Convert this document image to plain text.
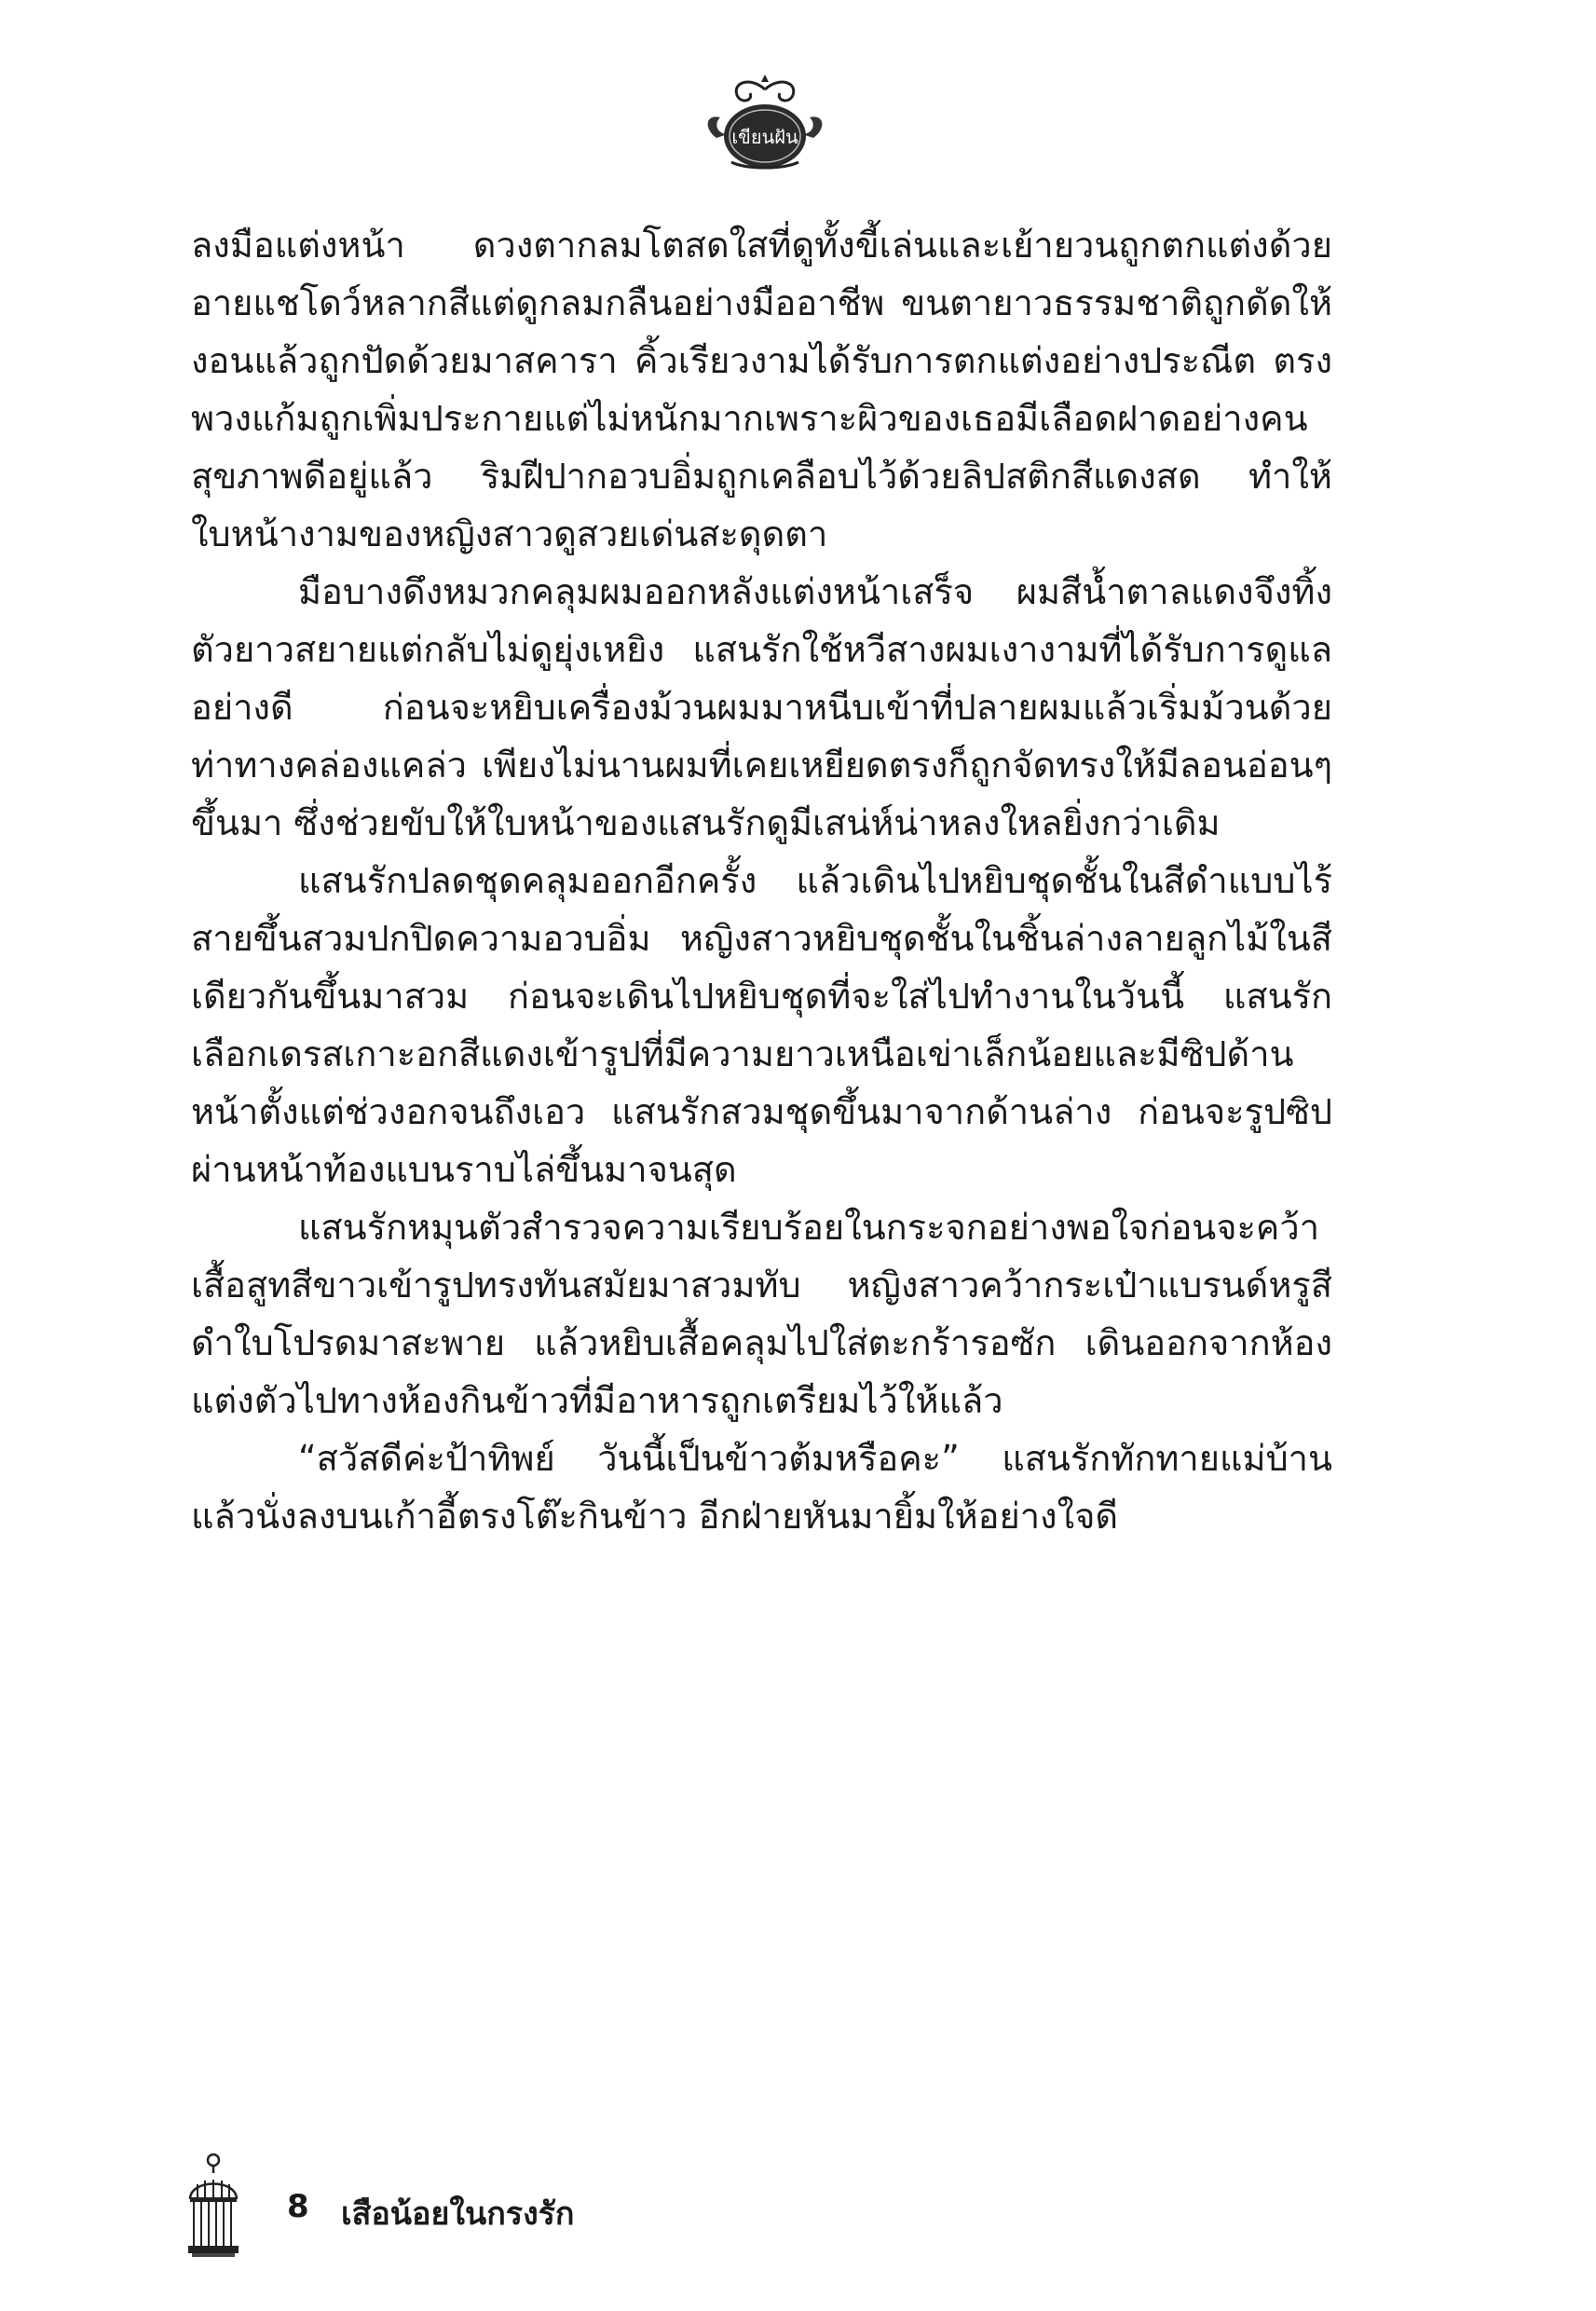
เขียนฝัน

ลงมือแต่งหน้า ดวงตากลมโตสดใสที่ดูทั้งขี้เล่นและเย้ายวนถูกตกแต่งด้วยอายแชโดว์หลากสีแต่ดูกลมกลืนอย่างมืออาชีพ ขนตายาวธรรมชาติถูกดัดให้งอนแล้วถูกปัดด้วยมาสคารา คิ้วเรียวงามได้รับการตกแต่งอย่างประณีต ตรงพวงแก้มถูกเพิ่มประกายแต่ไม่หนักมากเพราะผิวของเธอมีเลือดฝาดอย่างคนสุขภาพดีอยู่แล้ว ริมฝีปากอวบอิ่มถูกเคลือบไว้ด้วยลิปสติกสีแดงสด ทำให้ใบหน้างามของหญิงสาวดูสวยเด่นสะดุดตา

มือบางดึงหมวกคลุมผมออกหลังแต่งหน้าเสร็จ ผมสีน้ำตาลแดงจึงทิ้งตัวยาวสยายแต่กลับไม่ดูยุ่งเหยิง แสนรักใช้หวีสางผมเงางามที่ได้รับการดูแลอย่างดี ก่อนจะหยิบเครื่องม้วนผมมาหนีบเข้าที่ปลายผมแล้วเริ่มม้วนด้วยท่าทางคล่องแคล่ว เพียงไม่นานผมที่เคยเหยียดตรงก็ถูกจัดทรงให้มีลอนอ่อนๆ ขึ้นมา ซึ่งช่วยขับให้ใบหน้าของแสนรักดูมีเสน่ห์น่าหลงใหลยิ่งกว่าเดิม

แสนรักปลดชุดคลุมออกอีกครั้ง แล้วเดินไปหยิบชุดชั้นในสีดำแบบไร้สายขึ้นสวมปกปิดความอวบอิ่ม หญิงสาวหยิบชุดชั้นในชิ้นล่างลายลูกไม้ในสีเดียวกันขึ้นมาสวม ก่อนจะเดินไปหยิบชุดที่จะใส่ไปทำงานในวันนี้ แสนรักเลือกเดรสเกาะอกสีแดงเข้ารูปที่มีความยาวเหนือเข่าเล็กน้อยและมีซิปด้านหน้าตั้งแต่ช่วงอกจนถึงเอว แสนรักสวมชุดขึ้นมาจากด้านล่าง ก่อนจะรูปซิปผ่านหน้าท้องแบนราบไล่ขึ้นมาจนสุด

แสนรักหมุนตัวสำรวจความเรียบร้อยในกระจกอย่างพอใจก่อนจะคว้าเสื้อสูทสีขาวเข้ารูปทรงทันสมัยมาสวมทับ หญิงสาวคว้ากระเป๋าแบรนด์หรูสีดำใบโปรดมาสะพาย แล้วหยิบเสื้อคลุมไปใส่ตะกร้ารอซัก เดินออกจากห้องแต่งตัวไปทางห้องกินข้าวที่มีอาหารถูกเตรียมไว้ให้แล้ว

“สวัสดีค่ะป้าทิพย์ วันนี้เป็นข้าวต้มหรือคะ” แสนรักทักทายแม่บ้านแล้วนั่งลงบนเก้าอี้ตรงโต๊ะกินข้าว อีกฝ่ายหันมายิ้มให้อย่างใจดี

8 เสือน้อยในกรงรัก
